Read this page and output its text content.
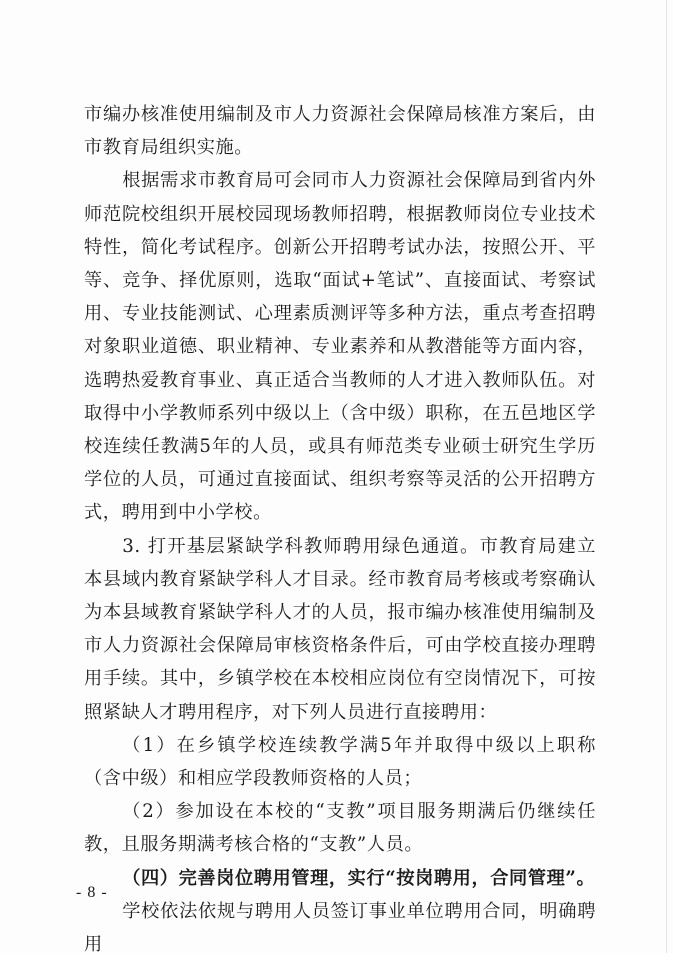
市编办核准使用编制及市人力资源社会保障局核准方案后，由市教育局组织实施。

根据需求市教育局可会同市人力资源社会保障局到省内外师范院校组织开展校园现场教师招聘，根据教师岗位专业技术特性，简化考试程序。创新公开招聘考试办法，按照公开、平等、竞争、择优原则，选取“面试+笔试”、直接面试、考察试用、专业技能测试、心理素质测评等多种方法，重点考查招聘对象职业道德、职业精神、专业素养和从教潜能等方面内容，选聘热爱教育事业、真正适合当教师的人才进入教师队伍。对取得中小学教师系列中级以上（含中级）职称，在五邑地区学校连续任教满5年的人员，或具有师范类专业硕士研究生学历学位的人员，可通过直接面试、组织考察等灵活的公开招聘方式，聘用到中小学校。

3. 打开基层紧缺学科教师聘用绿色通道。市教育局建立本县域内教育紧缺学科人才目录。经市教育局考核或考察确认为本县域教育紧缺学科人才的人员，报市编办核准使用编制及市人力资源社会保障局审核资格条件后，可由学校直接办理聘用手续。其中，乡镇学校在本校相应岗位有空岗情况下，可按照紧缺人才聘用程序，对下列人员进行直接聘用：

（1）在乡镇学校连续教学满5年并取得中级以上职称（含中级）和相应学段教师资格的人员；

（2）参加设在本校的“支教”项目服务期满后仍继续任教，且服务期满考核合格的“支教”人员。

（四）完善岗位聘用管理，实行“按岗聘用，合同管理”。

学校依法依规与聘用人员签订事业单位聘用合同，明确聘用

- 8 -
